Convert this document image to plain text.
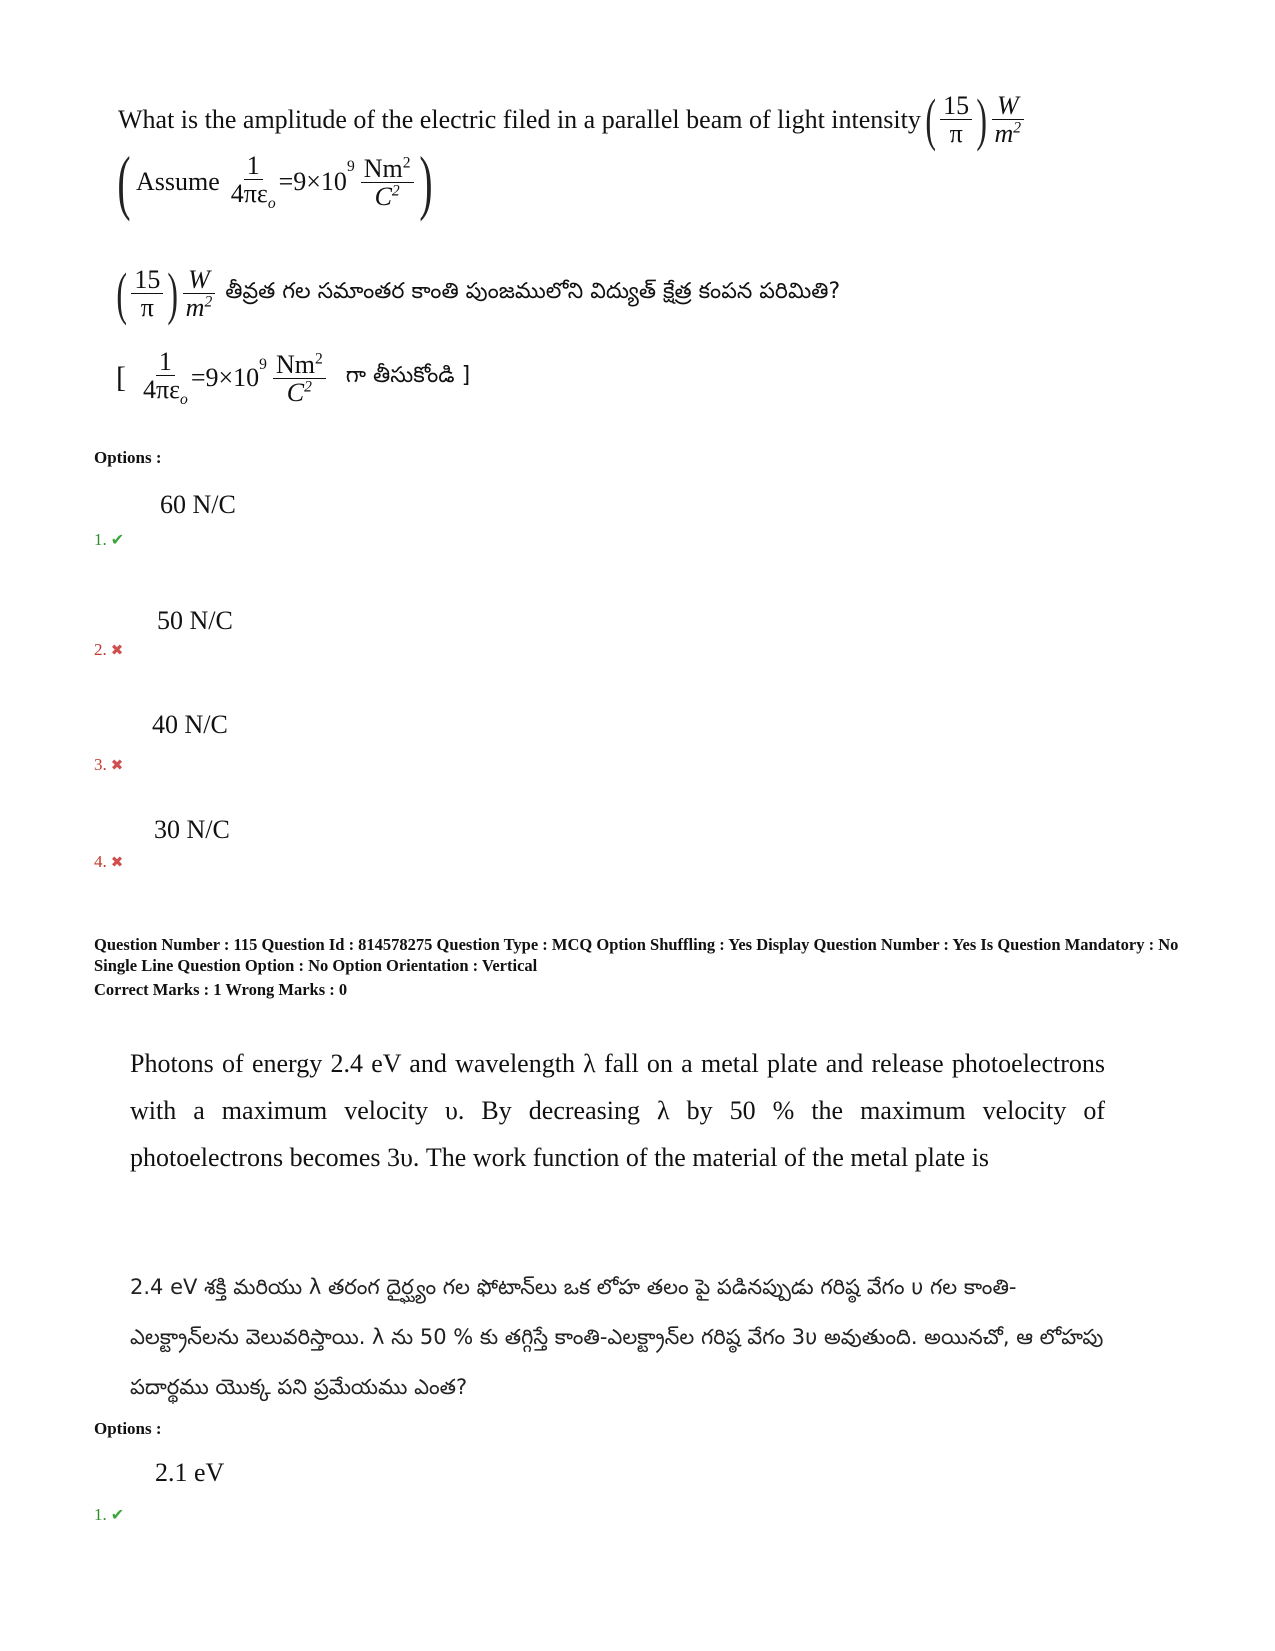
What is the amplitude of the electric filed in a parallel beam of light intensity ( $\frac{15}{\pi}$ ) $\frac{W}{m^2}$
( Assume $\frac{1}{4\pi\varepsilon_o} =9\times 10$
$^9 \frac{Nm^2}{C^2}$ )
( $\frac{15}{\pi}$ ) $\frac{W}{m^2}$ తీవ్రత గల సమాంతర కాంతి పుంజములోని విద్యుత్ క్షేత్ర కంపన పరిమితి?
[ $\frac{1}{4\pi\varepsilon_o} =9\times 10^9 \frac{Nm^2}{C^2}$ గా తీసుకోండి ]
Options :
60 N/C
1. ✔
50 N/C
2. ✖
40 N/C
3. ✖
30 N/C
4. ✖
Question Number : 115 Question Id : 814578275 Question Type : MCQ Option Shuffling : Yes Display Question Number : Yes Is Question Mandatory : No Single Line Question Option : No Option Orientation : Vertical
Correct Marks : 1 Wrong Marks : 0
Photons of energy 2.4 eV and wavelength λ fall on a metal plate and release photoelectrons with a maximum velocity υ. By decreasing λ by 50 % the maximum velocity of photoelectrons becomes 3υ. The work function of the material of the metal plate is
2.4 eV శక్తి మరియు λ తరంగ దైర్ఘ్యం గల ఫోటాన్‌లు ఒక లోహ తలం పై పడినప్పుడు గరిష్ఠ వేగం υ గల కాంతి-ఎలక్ట్రాన్‌లను వెలువరిస్తాయి. λ ను 50 % కు తగ్గిస్తే కాంతి-ఎలక్ట్రాన్‌ల గరిష్ఠ వేగం 3υ అవుతుంది. అయినచో, ఆ లోహపు పదార్థము యొక్క పని ప్రమేయము ఎంత?
Options :
2.1 eV
1. ✔
